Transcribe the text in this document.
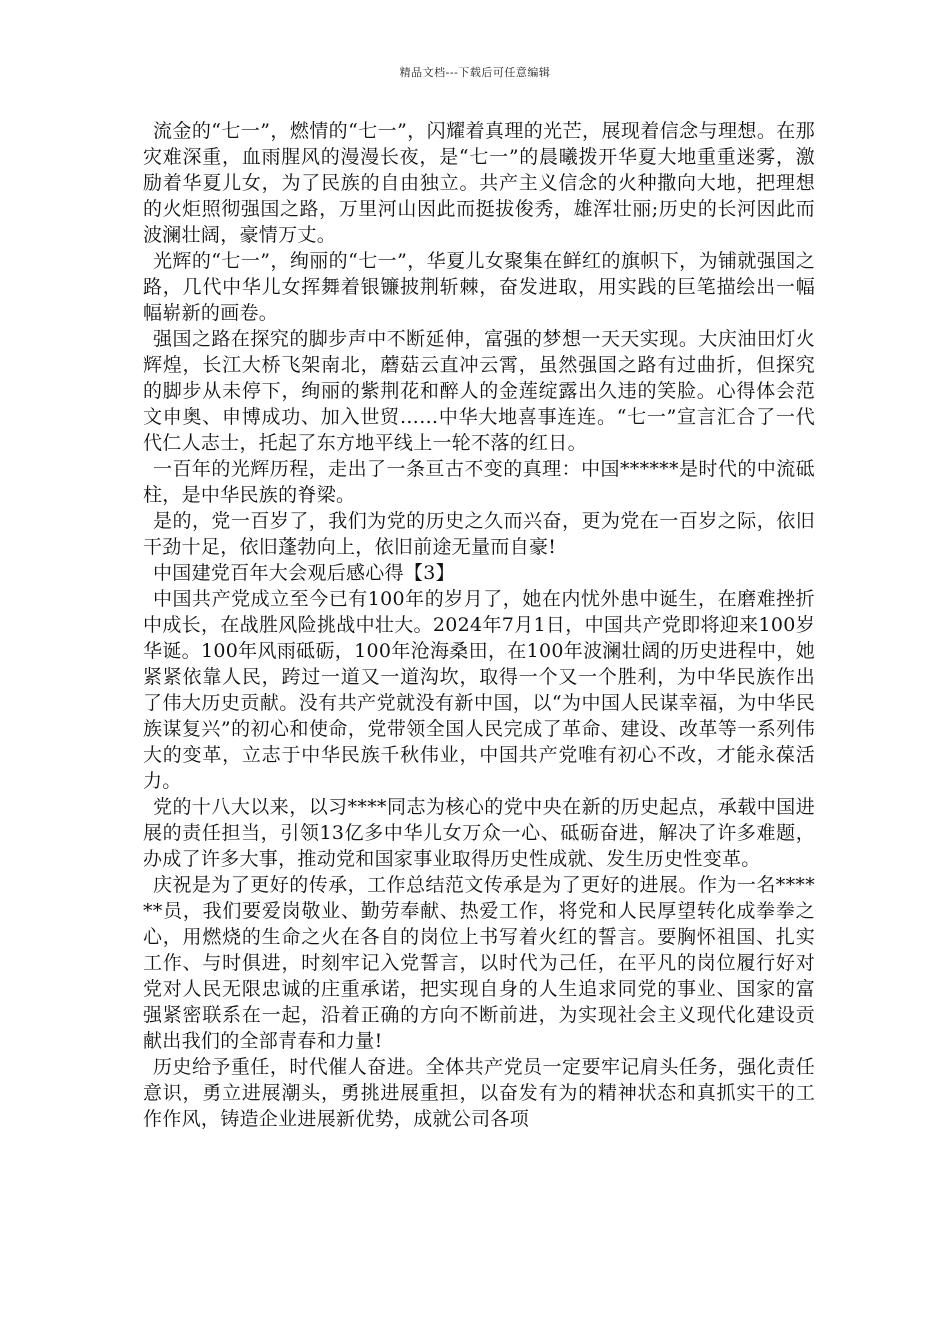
精品文档---下载后可任意编辑

流金的“七一”，燃情的“七一”，闪耀着真理的光芒，展现着信念与理想。在那灾难深重，血雨腥风的漫漫长夜，是“七一”的晨曦拨开华夏大地重重迷雾，激励着华夏儿女，为了民族的自由独立。共产主义信念的火种撒向大地，把理想的火炬照彻强国之路，万里河山因此而挺拔俊秀，雄浑壮丽;历史的长河因此而波澜壮阔，豪情万丈。

光辉的“七一”，绚丽的“七一”，华夏儿女聚集在鲜红的旗帜下，为铺就强国之路，几代中华儿女挥舞着银镰披荆斩棘，奋发进取，用实践的巨笔描绘出一幅幅崭新的画卷。

强国之路在探究的脚步声中不断延伸，富强的梦想一天天实现。大庆油田灯火辉煌，长江大桥飞架南北，蘑菇云直冲云霄，虽然强国之路有过曲折，但探究的脚步从未停下，绚丽的紫荆花和醉人的金莲绽露出久违的笑脸。心得体会范文申奥、申博成功、加入世贸……中华大地喜事连连。“七一”宣言汇合了一代代仁人志士，托起了东方地平线上一轮不落的红日。

一百年的光辉历程，走出了一条亘古不变的真理：中国******是时代的中流砥柱，是中华民族的脊梁。

是的，党一百岁了，我们为党的历史之久而兴奋，更为党在一百岁之际，依旧干劲十足，依旧蓬勃向上，依旧前途无量而自豪!

中国建党百年大会观后感心得【3】

中国共产党成立至今已有100年的岁月了，她在内忧外患中诞生，在磨难挫折中成长，在战胜风险挑战中壮大。2024年7月1日，中国共产党即将迎来100岁华诞。100年风雨砥砺，100年沧海桑田，在100年波澜壮阔的历史进程中，她紧紧依靠人民，跨过一道又一道沟坎，取得一个又一个胜利，为中华民族作出了伟大历史贡献。没有共产党就没有新中国，以“为中国人民谋幸福，为中华民族谋复兴”的初心和使命，党带领全国人民完成了革命、建设、改革等一系列伟大的变革，立志于中华民族千秋伟业，中国共产党唯有初心不改，才能永葆活力。

党的十八大以来，以习****同志为核心的党中央在新的历史起点，承载中国进展的责任担当，引领13亿多中华儿女万众一心、砥砺奋进，解决了许多难题，办成了许多大事，推动党和国家事业取得历史性成就、发生历史性变革。

庆祝是为了更好的传承，工作总结范文传承是为了更好的进展。作为一名******员，我们要爱岗敬业、勤劳奉献、热爱工作，将党和人民厚望转化成拳拳之心，用燃烧的生命之火在各自的岗位上书写着火红的誓言。要胸怀祖国、扎实工作、与时俱进，时刻牢记入党誓言，以时代为己任，在平凡的岗位履行好对党对人民无限忠诚的庄重承诺，把实现自身的人生追求同党的事业、国家的富强紧密联系在一起，沿着正确的方向不断前进，为实现社会主义现代化建设贡献出我们的全部青春和力量!

历史给予重任，时代催人奋进。全体共产党员一定要牢记肩头任务，强化责任意识，勇立进展潮头，勇挑进展重担，以奋发有为的精神状态和真抓实干的工作作风，铸造企业进展新优势，成就公司各项
